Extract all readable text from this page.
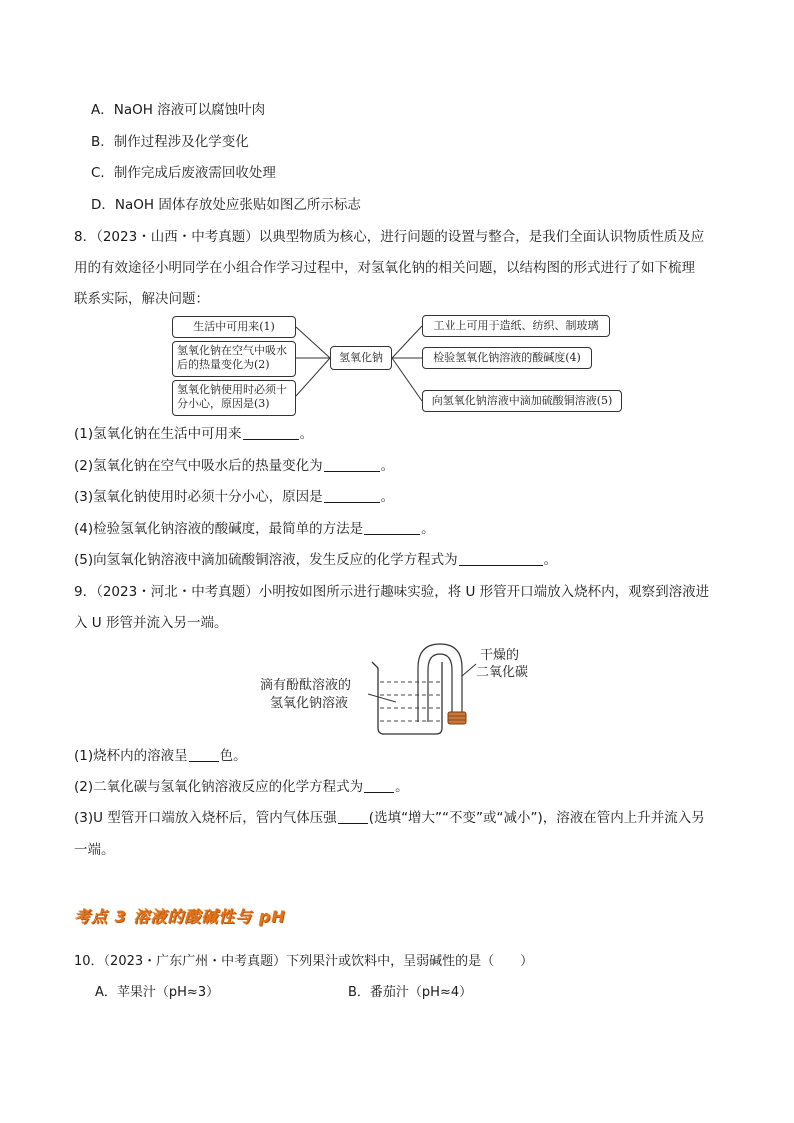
A．NaOH 溶液可以腐蚀叶肉
B．制作过程涉及化学变化
C．制作完成后废液需回收处理
D．NaOH 固体存放处应张贴如图乙所示标志
8．（2023・山西・中考真题）以典型物质为核心，进行问题的设置与整合，是我们全面认识物质性质及应
用的有效途径小明同学在小组合作学习过程中，对氢氧化钠的相关问题，以结构图的形式进行了如下梳理
联系实际，解决问题：
生活中可用来(1)
氢氧化钠在空气中吸水后的热量变化为(2)
氢氧化钠使用时必须十分小心，原因是(3)
氢氧化钠
工业上可用于造纸、纺织、制玻璃
检验氢氧化钠溶液的酸碱度(4)
向氢氧化钠溶液中滴加硫酸铜溶液(5)
(1)氢氧化钠在生活中可用来	。
(2)氢氧化钠在空气中吸水后的热量变化为	。
(3)氢氧化钠使用时必须十分小心，原因是	。
(4)检验氢氧化钠溶液的酸碱度，最简单的方法是	。
(5)向氢氧化钠溶液中滴加硫酸铜溶液，发生反应的化学方程式为	。
9．（2023・河北・中考真题）小明按如图所示进行趣味实验，将 U 形管开口端放入烧杯内，观察到溶液进
入 U 形管并流入另一端。
滴有酚酞溶液的
氢氧化钠溶液
干燥的
二氧化碳
(1)烧杯内的溶液呈 色。
(2)二氧化碳与氢氧化钠溶液反应的化学方程式为 。
(3)U 型管开口端放入烧杯后，管内气体压强 (选填“增大”“不变”或“减小”)，溶液在管内上升并流入另
一端。
考点 3 溶液的酸碱性与 pH
10．（2023・广东广州・中考真题）下列果汁或饮料中，呈弱碱性的是（　　）
A．苹果汁（pH≈3）	B．番茄汁（pH≈4）
